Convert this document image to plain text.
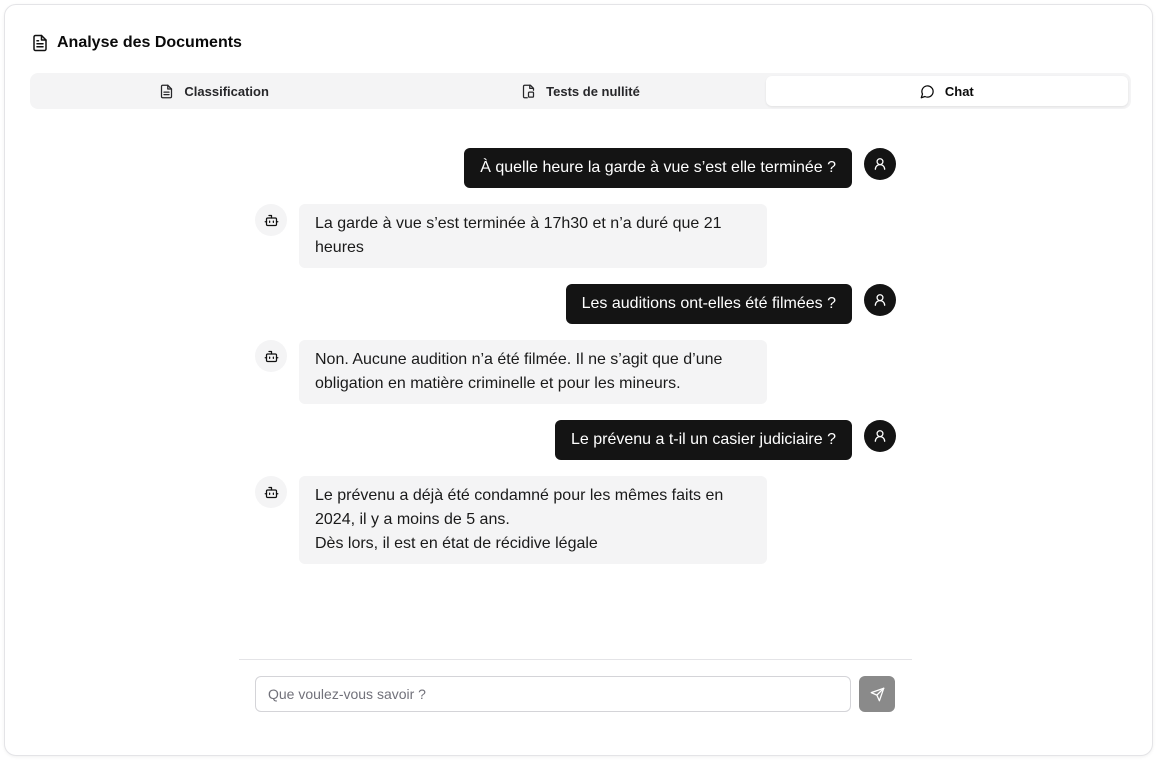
Analyse des Documents
Classification	Tests de nullité	Chat
À quelle heure la garde à vue s’est elle terminée ?
La garde à vue s’est terminée à 17h30 et n’a duré que 21 heures
Les auditions ont-elles été filmées ?
Non. Aucune audition n’a été filmée. Il ne s’agit que d’une obligation en matière criminelle et pour les mineurs.
Le prévenu a t-il un casier judiciaire ?
Le prévenu a déjà été condamné pour les mêmes faits en 2024, il y a moins de 5 ans.
Dès lors, il est en état de récidive légale
Que voulez-vous savoir ?
